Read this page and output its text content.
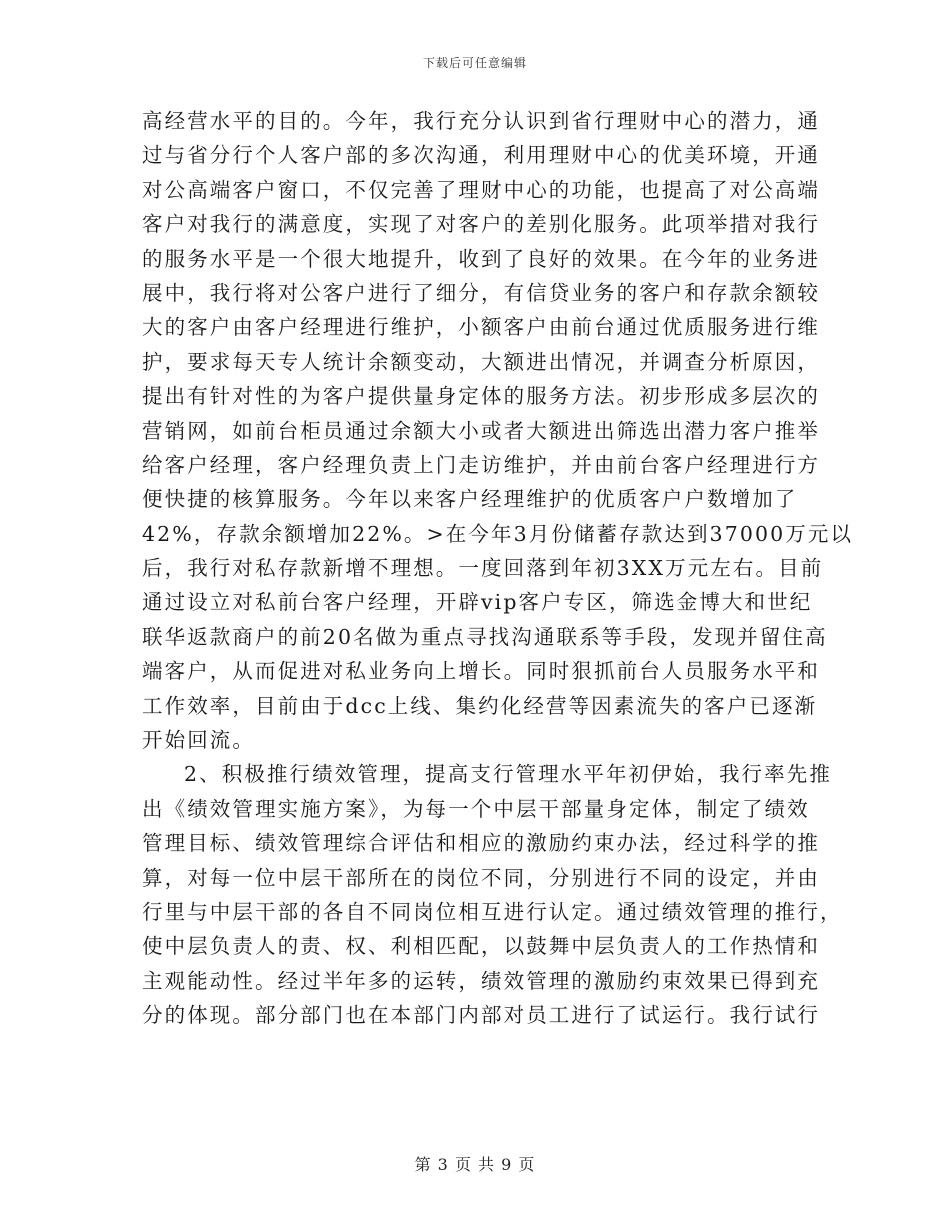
下载后可任意编辑
高经营水平的目的。今年，我行充分认识到省行理财中心的潜力，通
过与省分行个人客户部的多次沟通，利用理财中心的优美环境，开通
对公高端客户窗口，不仅完善了理财中心的功能，也提高了对公高端
客户对我行的满意度，实现了对客户的差别化服务。此项举措对我行
的服务水平是一个很大地提升，收到了良好的效果。在今年的业务进
展中，我行将对公客户进行了细分，有信贷业务的客户和存款余额较
大的客户由客户经理进行维护，小额客户由前台通过优质服务进行维
护，要求每天专人统计余额变动，大额进出情况，并调查分析原因，
提出有针对性的为客户提供量身定体的服务方法。初步形成多层次的
营销网，如前台柜员通过余额大小或者大额进出筛选出潜力客户推举
给客户经理，客户经理负责上门走访维护，并由前台客户经理进行方
便快捷的核算服务。今年以来客户经理维护的优质客户户数增加了
42%，存款余额增加22%。>在今年3月份储蓄存款达到37000万元以
后，我行对私存款新增不理想。一度回落到年初3XX万元左右。目前
通过设立对私前台客户经理，开辟vip客户专区，筛选金博大和世纪
联华返款商户的前20名做为重点寻找沟通联系等手段，发现并留住高
端客户，从而促进对私业务向上增长。同时狠抓前台人员服务水平和
工作效率，目前由于dcc上线、集约化经营等因素流失的客户已逐渐
开始回流。
2、积极推行绩效管理，提高支行管理水平年初伊始，我行率先推
出《绩效管理实施方案》，为每一个中层干部量身定体，制定了绩效
管理目标、绩效管理综合评估和相应的激励约束办法，经过科学的推
算，对每一位中层干部所在的岗位不同，分别进行不同的设定，并由
行里与中层干部的各自不同岗位相互进行认定。通过绩效管理的推行，
使中层负责人的责、权、利相匹配，以鼓舞中层负责人的工作热情和
主观能动性。经过半年多的运转，绩效管理的激励约束效果已得到充
分的体现。部分部门也在本部门内部对员工进行了试运行。我行试行
第 3 页 共 9 页
